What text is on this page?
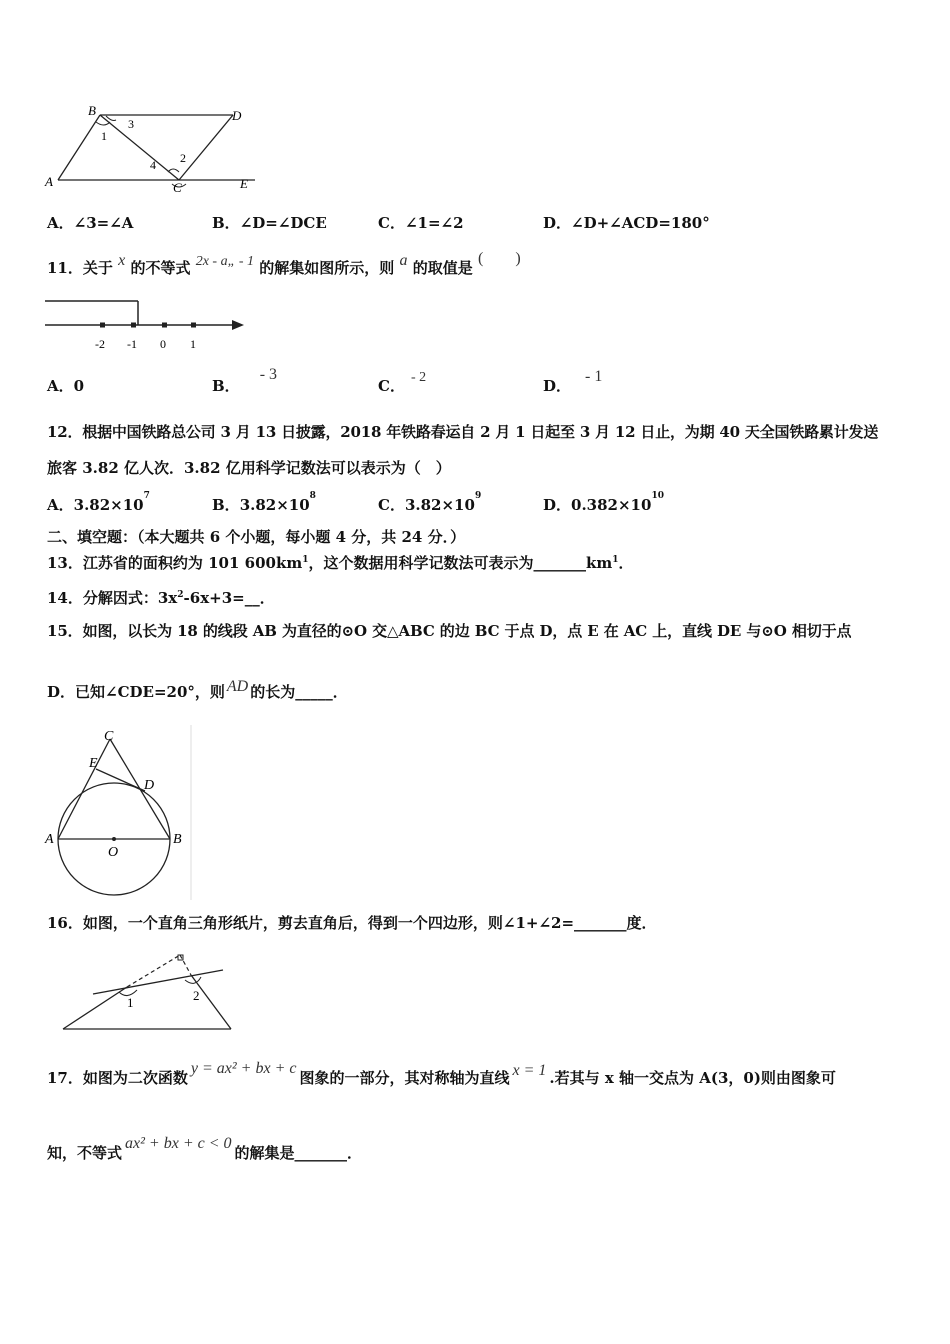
B	D
A	C	E
1
3
2
4
A．∠3=∠A	B．∠D=∠DCE	C．∠1=∠2	D．∠D+∠ACD=180°
11．关于 x 的不等式 2x - a„ - 1 的解集如图所示，则 a 的取值是 (　　)
-2 -1 0 1
A．0	B．- 3
C． - 2	D．- 1
12．根据中国铁路总公司 3 月 13 日披露，2018 年铁路春运自 2 月 1 日起至 3 月 12 日止，为期 40 天全国铁路累计发送
旅客 3.82 亿人次．3.82 亿用科学记数法可以表示为（　）
A．$3.82\times 10^7$	B．$3.82\times 10^8$	C．$3.82\times 10^9$	D．$0.382\times 10^{10}$
二、填空题：（本大题共 6 个小题，每小题 4 分，共 24 分．）
13．江苏省的面积约为 101 $600km^1$，这个数据用科学记数法可表示为$\_\_\_\_\_\_\_km^1$．
14．分解因式：$3x^2-6x+3=\_\_$．
15．如图，以长为 18 的线段 AB 为直径的⊙O 交△ABC 的边 BC 于点 D，点 E 在 AC 上，直线 DE 与⊙O 相切于点
D．已知∠CDE=20°，则 AD 的长为_____．
C
E
D
A	B
O
16．如图，一个直角三角形纸片，剪去直角后，得到一个四边形，则∠1+∠2=_______度．
1	2
17．如图为二次函数y = ax² + bx + c图象的一部分，其对称轴为直线 x = 1 .若其与 x 轴一交点为 A(3，0)则由图象可
知，不等式ax² + bx + c < 0的解集是_______．
